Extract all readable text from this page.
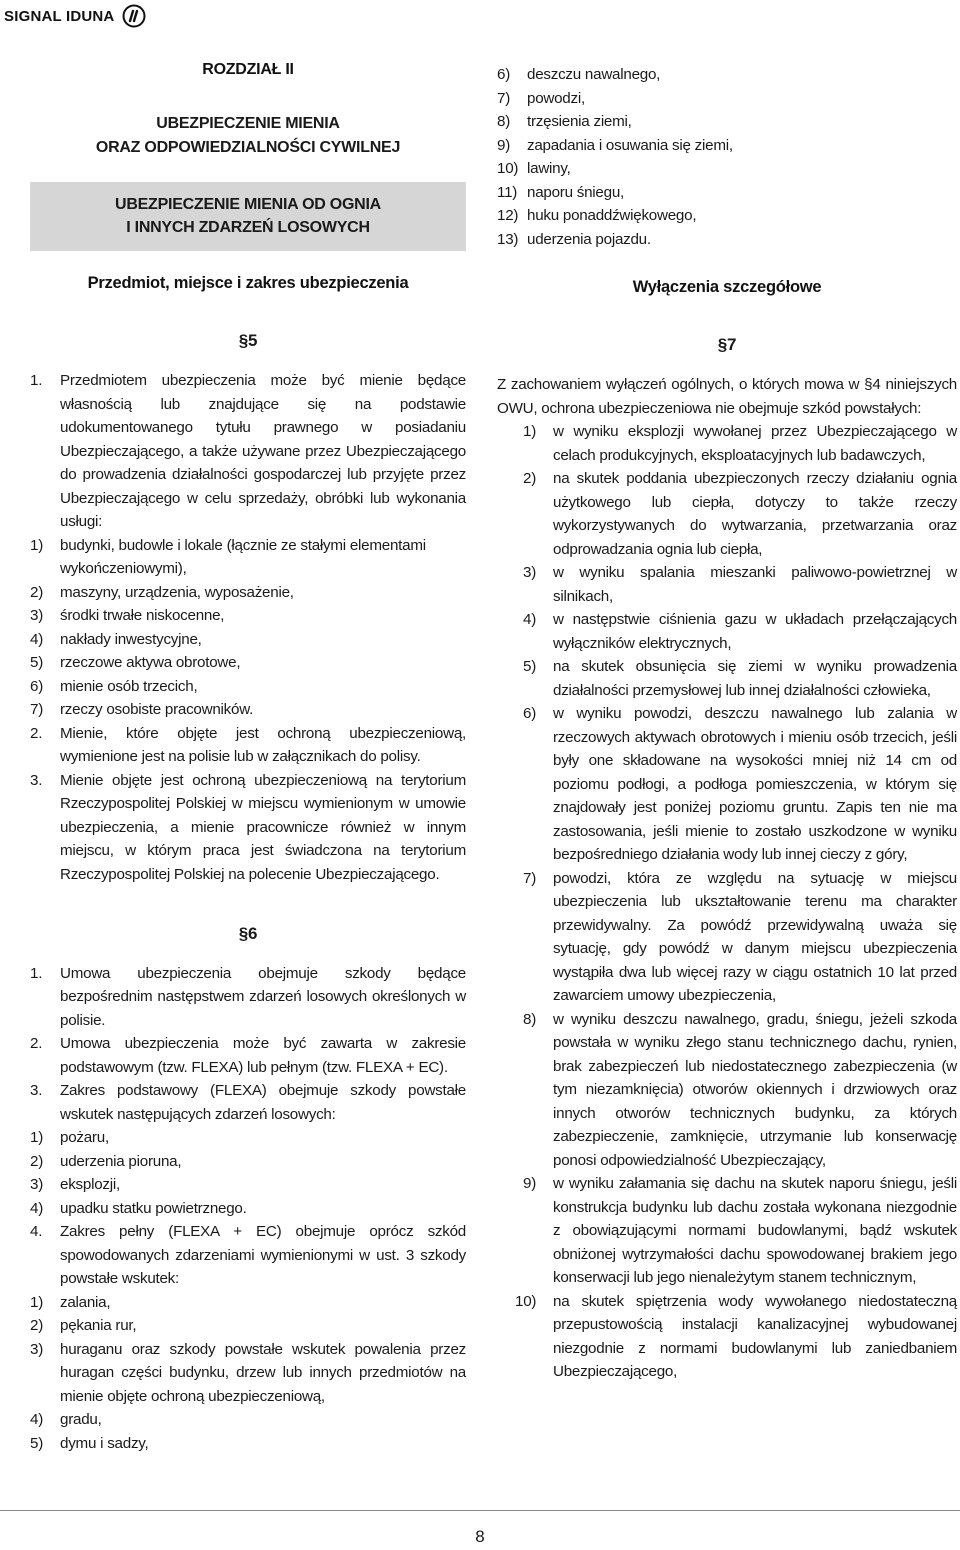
SIGNAL IDUNA
ROZDZIAŁ II
UBEZPIECZENIE MIENIA
ORAZ ODPOWIEDZIALNOŚCI CYWILNEJ
UBEZPIECZENIE MIENIA OD OGNIA
I INNYCH ZDARZEŃ LOSOWYCH
Przedmiot, miejsce i zakres ubezpieczenia
§5
1.	Przedmiotem ubezpieczenia może być mienie będące własnością lub znajdujące się na podstawie udokumentowanego tytułu prawnego w posiadaniu Ubezpieczającego, a także używane przez Ubezpieczającego do prowadzenia działalności gospodarczej lub przyjęte przez Ubezpieczającego w celu sprzedaży, obróbki lub wykonania usługi:
1)	budynki, budowle i lokale (łącznie ze stałymi elementami wykończeniowymi),
2)	maszyny, urządzenia, wyposażenie,
3)	środki trwałe niskocenne,
4)	nakłady inwestycyjne,
5)	rzeczowe aktywa obrotowe,
6)	mienie osób trzecich,
7)	rzeczy osobiste pracowników.
2.	Mienie, które objęte jest ochroną ubezpieczeniową, wymienione jest na polisie lub w załącznikach do polisy.
3.	Mienie objęte jest ochroną ubezpieczeniową na terytorium Rzeczypospolitej Polskiej w miejscu wymienionym w umowie ubezpieczenia, a mienie pracownicze również w innym miejscu, w którym praca jest świadczona na terytorium Rzeczypospolitej Polskiej na polecenie Ubezpieczającego.
§6
1.	Umowa ubezpieczenia obejmuje szkody będące bezpośrednim następstwem zdarzeń losowych określonych w polisie.
2.	Umowa ubezpieczenia może być zawarta w zakresie podstawowym (tzw. FLEXA) lub pełnym (tzw. FLEXA + EC).
3.	Zakres podstawowy (FLEXA) obejmuje szkody powstałe wskutek następujących zdarzeń losowych:
1)	pożaru,
2)	uderzenia pioruna,
3)	eksplozji,
4)	upadku statku powietrznego.
4.	Zakres pełny (FLEXA + EC) obejmuje oprócz szkód spowodowanych zdarzeniami wymienionymi w ust. 3 szkody powstałe wskutek:
1)	zalania,
2)	pękania rur,
3)	huraganu oraz szkody powstałe wskutek powalenia przez huragan części budynku, drzew lub innych przedmiotów na mienie objęte ochroną ubezpieczeniową,
4)	gradu,
5)	dymu i sadzy,
6)	deszczu nawalnego,
7)	powodzi,
8)	trzęsienia ziemi,
9)	zapadania i osuwania się ziemi,
10) lawiny,
11) naporu śniegu,
12) huku ponaddźwiękowego,
13) uderzenia pojazdu.
Wyłączenia szczegółowe
§7
Z zachowaniem wyłączeń ogólnych, o których mowa w §4 niniejszych OWU, ochrona ubezpieczeniowa nie obejmuje szkód powstałych:
1)	w wyniku eksplozji wywołanej przez Ubezpieczającego w celach produkcyjnych, eksploatacyjnych lub badawczych,
2)	na skutek poddania ubezpieczonych rzeczy działaniu ognia użytkowego lub ciepła, dotyczy to także rzeczy wykorzystywanych do wytwarzania, przetwarzania oraz odprowadzania ognia lub ciepła,
3)	w wyniku spalania mieszanki paliwowo-powietrznej w silnikach,
4)	w następstwie ciśnienia gazu w układach przełączających wyłączników elektrycznych,
5)	na skutek obsunięcia się ziemi w wyniku prowadzenia działalności przemysłowej lub innej działalności człowieka,
6)	w wyniku powodzi, deszczu nawalnego lub zalania w rzeczowych aktywach obrotowych i mieniu osób trzecich, jeśli były one składowane na wysokości mniej niż 14 cm od poziomu podłogi, a podłoga pomieszczenia, w którym się znajdowały jest poniżej poziomu gruntu. Zapis ten nie ma zastosowania, jeśli mienie to zostało uszkodzone w wyniku bezpośredniego działania wody lub innej cieczy z góry,
7)	powodzi, która ze względu na sytuację w miejscu ubezpieczenia lub ukształtowanie terenu ma charakter przewidywalny. Za powódź przewidywalną uważa się sytuację, gdy powódź w danym miejscu ubezpieczenia wystąpiła dwa lub więcej razy w ciągu ostatnich 10 lat przed zawarciem umowy ubezpieczenia,
8)	w wyniku deszczu nawalnego, gradu, śniegu, jeżeli szkoda powstała w wyniku złego stanu technicznego dachu, rynien, brak zabezpieczeń lub niedostatecznego zabezpieczenia (w tym niezamknięcia) otworów okiennych i drzwiowych oraz innych otworów technicznych budynku, za których zabezpieczenie, zamknięcie, utrzymanie lub konserwację ponosi odpowiedzialność Ubezpieczający,
9)	w wyniku załamania się dachu na skutek naporu śniegu, jeśli konstrukcja budynku lub dachu została wykonana niezgodnie z obowiązującymi normami budowlanymi, bądź wskutek obniżonej wytrzymałości dachu spowodowanej brakiem jego konserwacji lub jego nienależytym stanem technicznym,
10)	na skutek spiętrzenia wody wywołanego niedostateczną przepustowością instalacji kanalizacyjnej wybudowanej niezgodnie z normami budowlanymi lub zaniedbaniem Ubezpieczającego,
8
